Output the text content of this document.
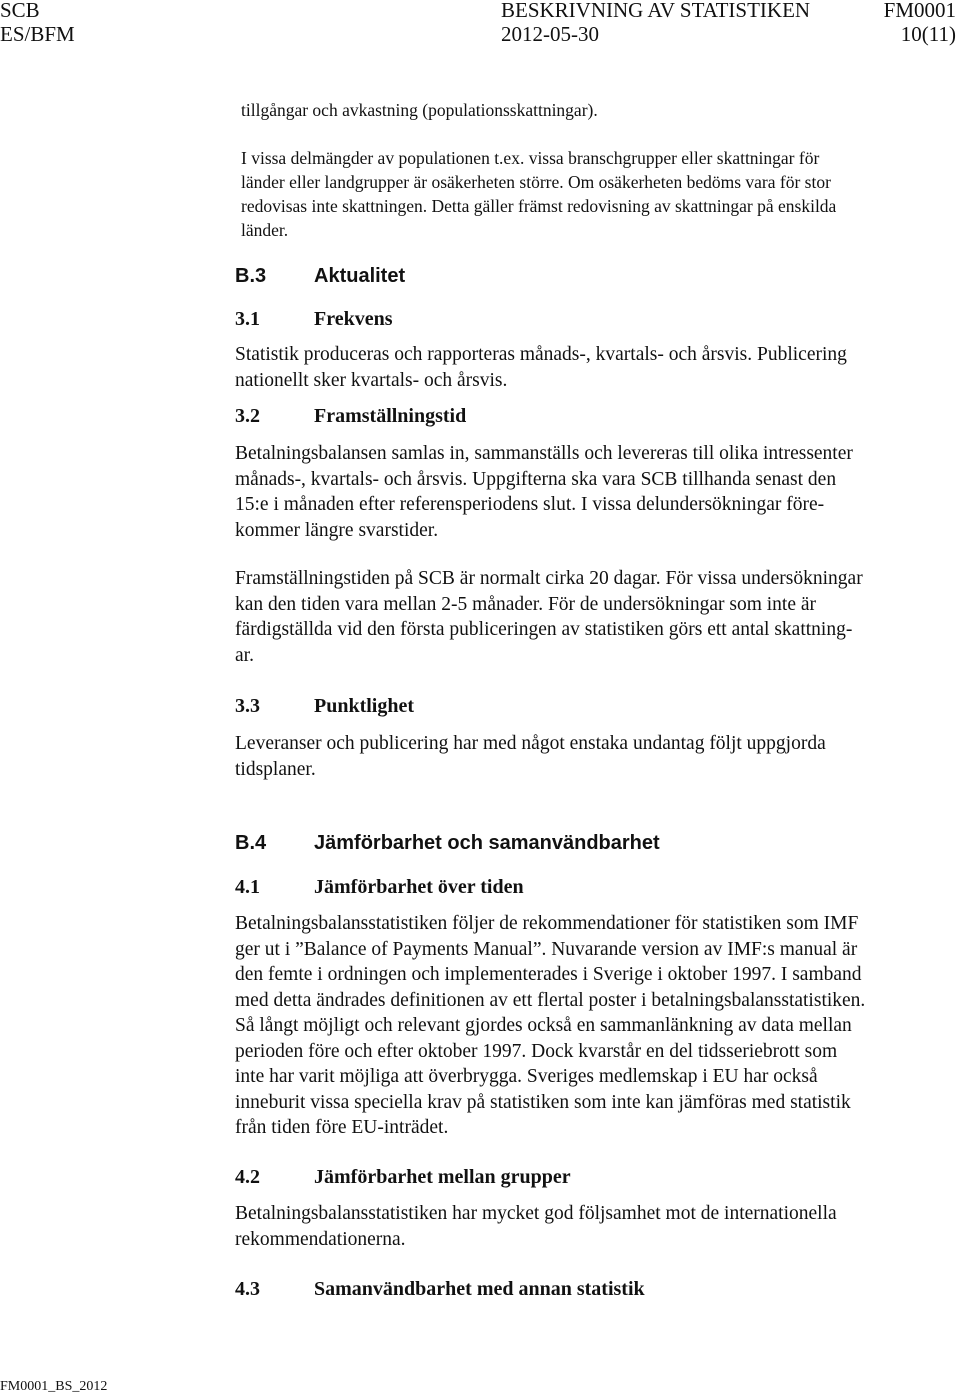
SCB	BESKRIVNING AV STATISTIKEN	FM0001
ES/BFM	2012-05-30	10(11)
tillgångar och avkastning (populationsskattningar).

I vissa delmängder av populationen t.ex. vissa branschgrupper eller skattningar för

länder eller landgrupper är osäkerheten större. Om osäkerheten bedöms vara för stor

redovisas inte skattningen. Detta gäller främst redovisning av skattningar på enskilda

länder.

B.3 Aktualitet
3.1	Frekvens

Statistik produceras och rapporteras månads-, kvartals- och årsvis. Publicering

nationellt sker kvartals- och årsvis.

3.2	Framställningstid

Betalningsbalansen samlas in, sammanställs och levereras till olika intressenter

månads-, kvartals- och årsvis. Uppgifterna ska vara SCB tillhanda senast den

15:e i månaden efter referensperiodens slut. I vissa delundersökningar före-

kommer längre svarstider.

Framställningstiden på SCB är normalt cirka 20 dagar. För vissa undersökningar

kan den tiden vara mellan 2-5 månader. För de undersökningar som inte är

färdigställda vid den första publiceringen av statistiken görs ett antal skattning-

ar.

3.3	Punktlighet

Leveranser och publicering har med något enstaka undantag följt uppgjorda

tidsplaner.

B.4 Jämförbarhet och samanvändbarhet
4.1	Jämförbarhet över tiden

Betalningsbalansstatistiken följer de rekommendationer för statistiken som IMF

ger ut i ”Balance of Payments Manual”. Nuvarande version av IMF:s manual är

den femte i ordningen och implementerades i Sverige i oktober 1997. I samband

med detta ändrades definitionen av ett flertal poster i betalningsbalansstatistiken.

Så långt möjligt och relevant gjordes också en sammanlänkning av data mellan

perioden före och efter oktober 1997. Dock kvarstår en del tidsseriebrott som

inte har varit möjliga att överbrygga. Sveriges medlemskap i EU har också

inneburit vissa speciella krav på statistiken som inte kan jämföras med statistik

från tiden före EU-inträdet.

4.2	Jämförbarhet mellan grupper

Betalningsbalansstatistiken har mycket god följsamhet mot de internationella

rekommendationerna.

4.3	Samanvändbarhet med annan statistik
FM0001_BS_2012
